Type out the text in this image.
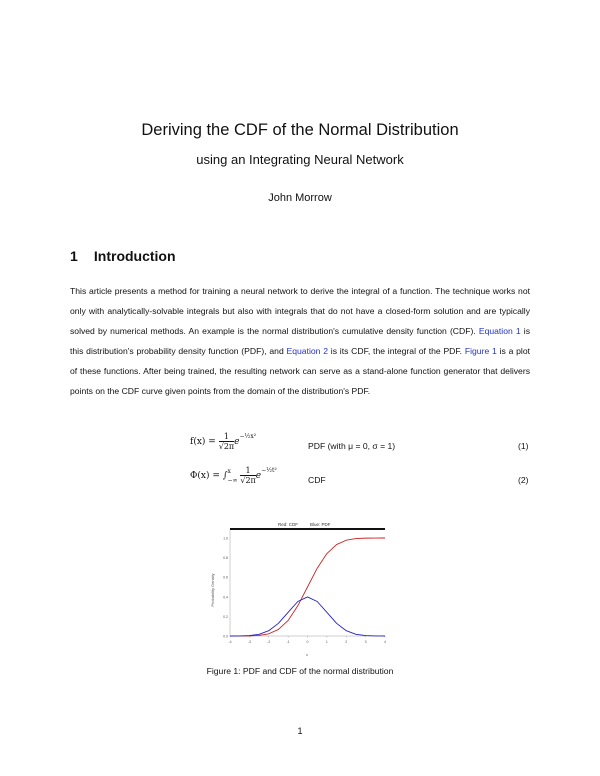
Deriving the CDF of the Normal Distribution
using an Integrating Neural Network
John Morrow
1 Introduction
This article presents a method for training a neural network to derive the integral of a function. The technique works not only with analytically-solvable integrals but also with integrals that do not have a closed-form solution and are typically solved by numerical methods. An example is the normal distribution's cumulative density function (CDF). Equation 1 is this distribution's probability density function (PDF), and Equation 2 is its CDF, the integral of the PDF. Figure 1 is a plot of these functions. After being trained, the resulting network can serve as a stand-alone function generator that delivers points on the CDF curve given points from the domain of the distribution's PDF.
$f(x) = \frac{1}{√2\pi} e^{-\frac{1}{2}x^2}$
PDF (with μ = 0, σ = 1)	(1)
Φ(x) = ∫ x
−∞
$\frac{1}{√2\pi} e^{-\frac{1}{2}t^2}$
CDF	(2)
Red: CDF	Blue: PDF
0.0
0.2
0.4
0.6
0.8
1.0
-4	-3	-2	-1	0	1	2	3	4
Probability Density
x
Figure 1: PDF and CDF of the normal distribution
1
